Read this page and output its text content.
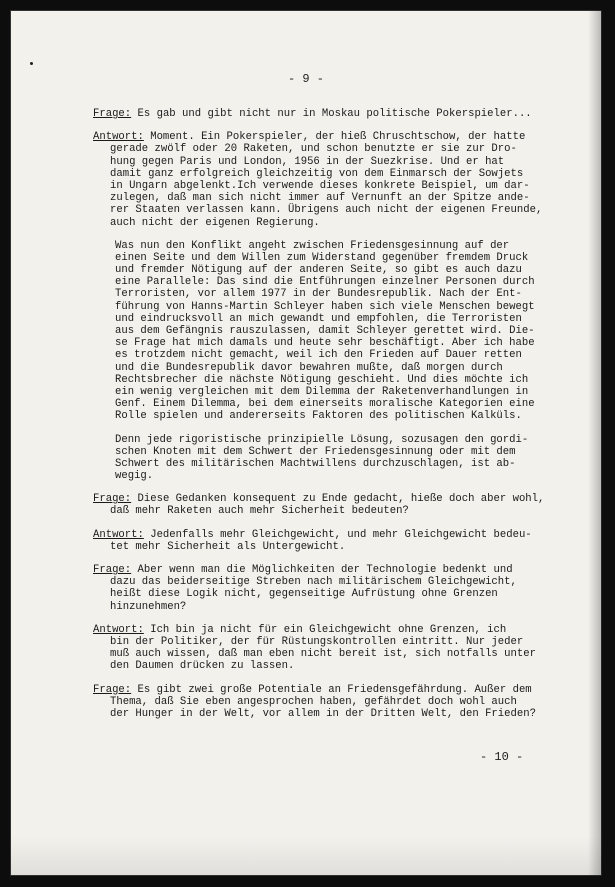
- 9 -
Frage: Es gab und gibt nicht nur in Moskau politische Pokerspieler...
Antwort: Moment. Ein Pokerspieler, der hieß Chruschtschow, der hatte
gerade zwölf oder 20 Raketen, und schon benutzte er sie zur Dro-
hung gegen Paris und London, 1956 in der Suezkrise. Und er hat
damit ganz erfolgreich gleichzeitig von dem Einmarsch der Sowjets
in Ungarn abgelenkt.Ich verwende dieses konkrete Beispiel, um dar-
zulegen, daß man sich nicht immer auf Vernunft an der Spitze ande-
rer Staaten verlassen kann. Übrigens auch nicht der eigenen Freunde,
auch nicht der eigenen Regierung.
Was nun den Konflikt angeht zwischen Friedensgesinnung auf der
einen Seite und dem Willen zum Widerstand gegenüber fremdem Druck
und fremder Nötigung auf der anderen Seite, so gibt es auch dazu
eine Parallele: Das sind die Entführungen einzelner Personen durch
Terroristen, vor allem 1977 in der Bundesrepublik. Nach der Ent-
führung von Hanns-Martin Schleyer haben sich viele Menschen bewegt
und eindrucksvoll an mich gewandt und empfohlen, die Terroristen
aus dem Gefängnis rauszulassen, damit Schleyer gerettet wird. Die-
se Frage hat mich damals und heute sehr beschäftigt. Aber ich habe
es trotzdem nicht gemacht, weil ich den Frieden auf Dauer retten
und die Bundesrepublik davor bewahren mußte, daß morgen durch
Rechtsbrecher die nächste Nötigung geschieht. Und dies möchte ich
ein wenig vergleichen mit dem Dilemma der Raketenverhandlungen in
Genf. Einem Dilemma, bei dem einerseits moralische Kategorien eine
Rolle spielen und andererseits Faktoren des politischen Kalküls.
Denn jede rigoristische prinzipielle Lösung, sozusagen den gordi-
schen Knoten mit dem Schwert der Friedensgesinnung oder mit dem
Schwert des militärischen Machtwillens durchzuschlagen, ist ab-
wegig.
Frage: Diese Gedanken konsequent zu Ende gedacht, hieße doch aber wohl,
daß mehr Raketen auch mehr Sicherheit bedeuten?
Antwort: Jedenfalls mehr Gleichgewicht, und mehr Gleichgewicht bedeu-
tet mehr Sicherheit als Untergewicht.
Frage: Aber wenn man die Möglichkeiten der Technologie bedenkt und
dazu das beiderseitige Streben nach militärischem Gleichgewicht,
heißt diese Logik nicht, gegenseitige Aufrüstung ohne Grenzen
hinzunehmen?
Antwort: Ich bin ja nicht für ein Gleichgewicht ohne Grenzen, ich
bin der Politiker, der für Rüstungskontrollen eintritt. Nur jeder
muß auch wissen, daß man eben nicht bereit ist, sich notfalls unter
den Daumen drücken zu lassen.
Frage: Es gibt zwei große Potentiale an Friedensgefährdung. Außer dem
Thema, daß Sie eben angesprochen haben, gefährdet doch wohl auch
der Hunger in der Welt, vor allem in der Dritten Welt, den Frieden?
- 10 -
